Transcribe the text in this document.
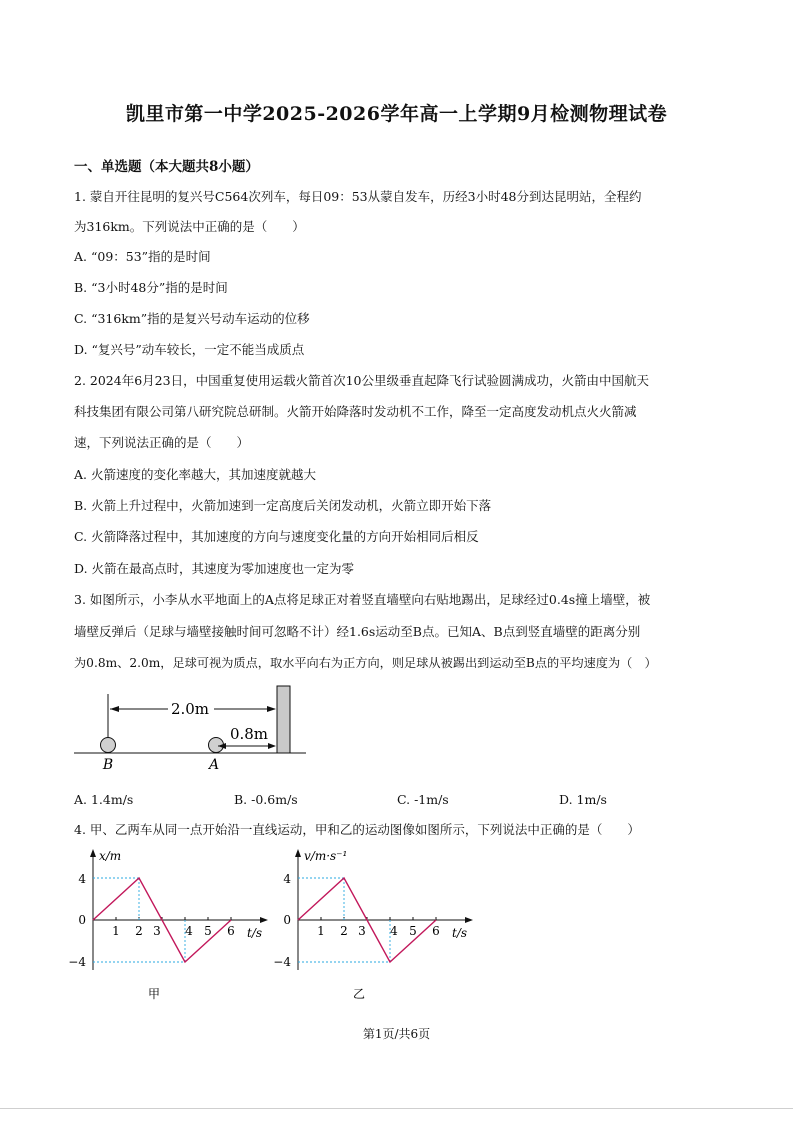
凯里市第一中学2025-2026学年高一上学期9月检测物理试卷
一、单选题（本大题共8小题）
1. 蒙自开往昆明的复兴号C564次列车，每日09：53从蒙自发车，历经3小时48分到达昆明站，全程约
为316km。下列说法中正确的是（　　）
A. “09：53”指的是时间
B. “3小时48分”指的是时间
C. “316km”指的是复兴号动车运动的位移
D. “复兴号”动车较长，一定不能当成质点
2. 2024年6月23日，中国重复使用运载火箭首次10公里级垂直起降飞行试验圆满成功，火箭由中国航天
科技集团有限公司第八研究院总研制。火箭开始降落时发动机不工作，降至一定高度发动机点火火箭减
速，下列说法正确的是（　　）
A. 火箭速度的变化率越大，其加速度就越大
B. 火箭上升过程中，火箭加速到一定高度后关闭发动机，火箭立即开始下落
C. 火箭降落过程中，其加速度的方向与速度变化量的方向开始相同后相反
D. 火箭在最高点时，其速度为零加速度也一定为零
3. 如图所示，小李从水平地面上的A点将足球正对着竖直墙壁向右贴地踢出，足球经过0.4s撞上墙壁，被
墙壁反弹后（足球与墙壁接触时间可忽略不计）经1.6s运动至B点。已知A、B点到竖直墙壁的距离分别
为0.8m、2.0m，足球可视为质点，取水平向右为正方向，则足球从被踢出到运动至B点的平均速度为（　）
2.0m
0.8m
B	A
A. 1.4m/s	B. -0.6m/s	C. -1m/s	D. 1m/s
4. 甲、乙两车从同一点开始沿一直线运动，甲和乙的运动图像如图所示，下列说法中正确的是（　　）
x/m
t/s
4
0
−4
1 2 3 4 5 6
甲
v/m·s⁻¹
t/s
4
0
−4
1 2 3 4 5 6
乙
第1页/共6页
